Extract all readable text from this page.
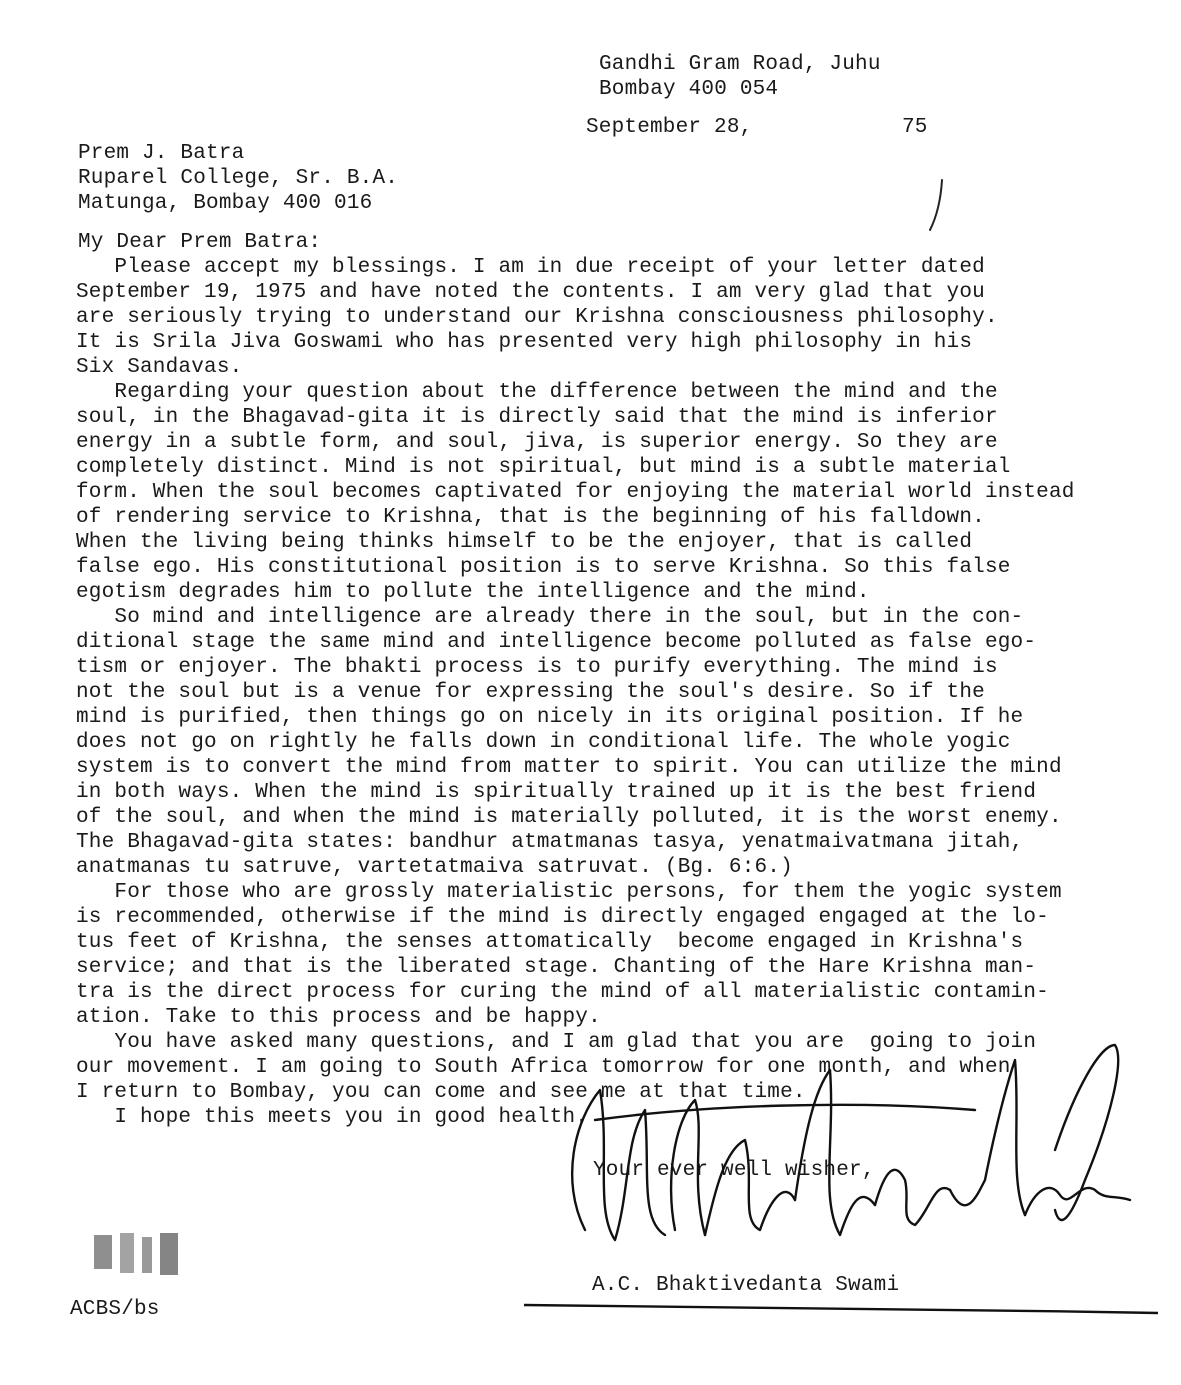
Gandhi Gram Road, Juhu
Bombay 400 054
September 28,	75
Prem J. Batra
Ruparel College, Sr. B.A.
Matunga, Bombay 400 016
My Dear Prem Batra:
Please accept my blessings. I am in due receipt of your letter dated
September 19, 1975 and have noted the contents. I am very glad that you
are seriously trying to understand our Krishna consciousness philosophy.
It is Srila Jiva Goswami who has presented very high philosophy in his
Six Sandavas.
Regarding your question about the difference between the mind and the
soul, in the Bhagavad-gita it is directly said that the mind is inferior
energy in a subtle form, and soul, jiva, is superior energy. So they are
completely distinct. Mind is not spiritual, but mind is a subtle material
form. When the soul becomes captivated for enjoying the material world instead
of rendering service to Krishna, that is the beginning of his falldown.
When the living being thinks himself to be the enjoyer, that is called
false ego. His constitutional position is to serve Krishna. So this false
egotism degrades him to pollute the intelligence and the mind.
So mind and intelligence are already there in the soul, but in the con-
ditional stage the same mind and intelligence become polluted as false ego-
tism or enjoyer. The bhakti process is to purify everything. The mind is
not the soul but is a venue for expressing the soul's desire. So if the
mind is purified, then things go on nicely in its original position. If he
does not go on rightly he falls down in conditional life. The whole yogic
system is to convert the mind from matter to spirit. You can utilize the mind
in both ways. When the mind is spiritually trained up it is the best friend
of the soul, and when the mind is materially polluted, it is the worst enemy.
The Bhagavad-gita states: bandhur atmatmanas tasya, yenatmaivatmana jitah,
anatmanas tu satruve, vartetatmaiva satruvat. (Bg. 6:6.)
For those who are grossly materialistic persons, for them the yogic system
is recommended, otherwise if the mind is directly engaged engaged at the lo-
tus feet of Krishna, the senses attomatically  become engaged in Krishna's
service; and that is the liberated stage. Chanting of the Hare Krishna man-
tra is the direct process for curing the mind of all materialistic contamin-
ation. Take to this process and be happy.
You have asked many questions, and I am glad that you are  going to join
our movement. I am going to South Africa tomorrow for one month, and when
I return to Bombay, you can come and see me at that time.
I hope this meets you in good health.
Your ever well wisher,
A.C. Bhaktivedanta Swami
ACBS/bs
